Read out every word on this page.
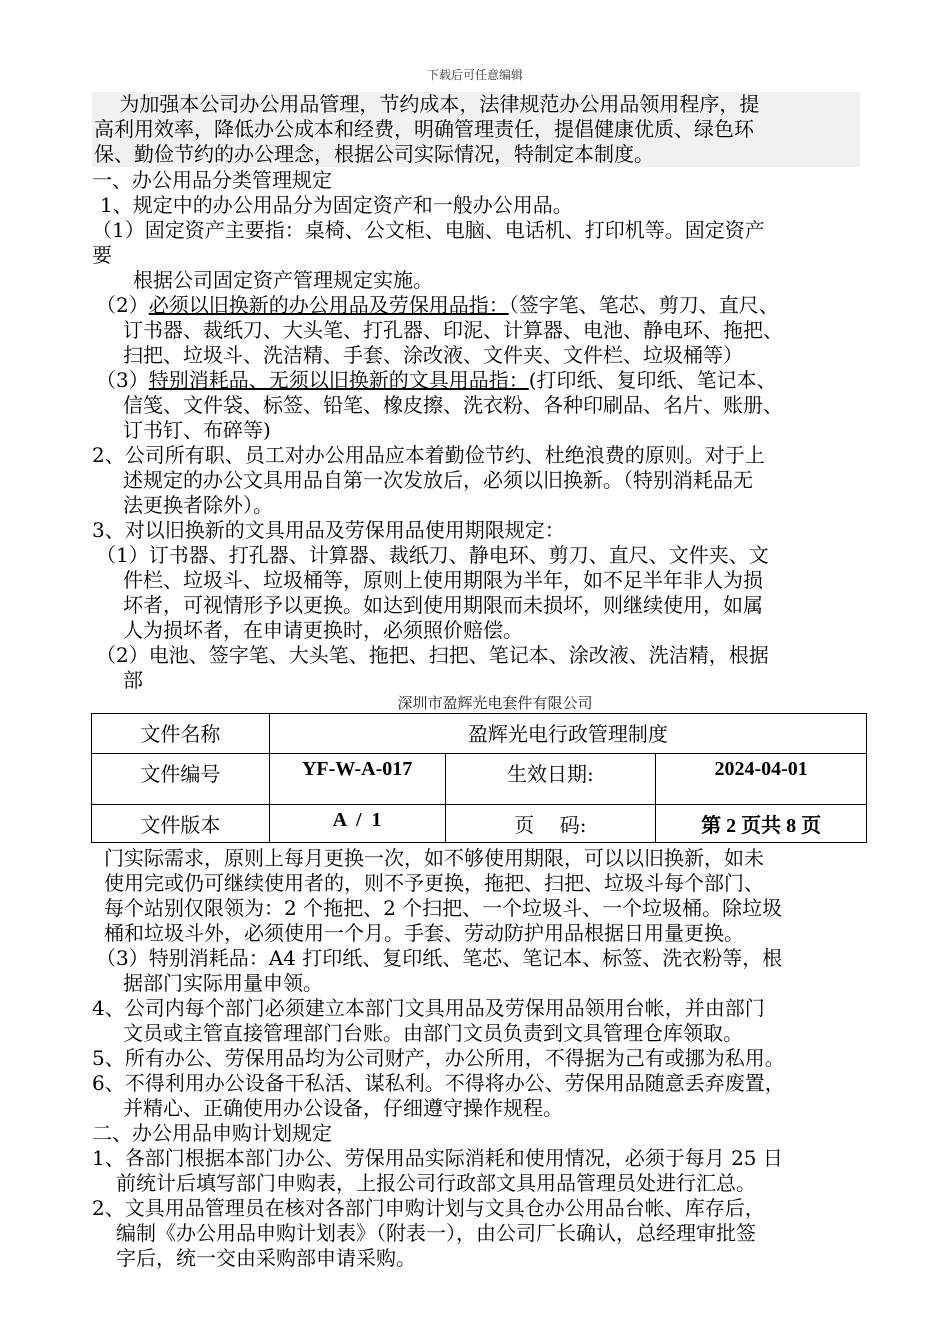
下载后可任意编辑
为加强本公司办公用品管理，节约成本，法律规范办公用品领用程序，提
高利用效率，降低办公成本和经费，明确管理责任，提倡健康优质、绿色环
保、勤俭节约的办公理念，根据公司实际情况，特制定本制度。
一、办公用品分类管理规定
1、规定中的办公用品分为固定资产和一般办公用品。
（1）固定资产主要指：桌椅、公文柜、电脑、电话机、打印机等。固定资产
要
根据公司固定资产管理规定实施。
（2）必须以旧换新的办公用品及劳保用品指：（签字笔、笔芯、剪刀、直尺、
订书器、裁纸刀、大头笔、打孔器、印泥、计算器、电池、静电环、拖把、
扫把、垃圾斗、洗洁精、手套、涂改液、文件夹、文件栏、垃圾桶等）
（3）特别消耗品、无须以旧换新的文具用品指：(打印纸、复印纸、笔记本、
信笺、文件袋、标签、铅笔、橡皮擦、洗衣粉、各种印刷品、名片、账册、
订书钉、布碎等)
2、公司所有职、员工对办公用品应本着勤俭节约、杜绝浪费的原则。对于上
述规定的办公文具用品自第一次发放后，必须以旧换新。（特别消耗品无
法更换者除外）。
3、对以旧换新的文具用品及劳保用品使用期限规定：
（1）订书器、打孔器、计算器、裁纸刀、静电环、剪刀、直尺、文件夹、文
件栏、垃圾斗、垃圾桶等，原则上使用期限为半年，如不足半年非人为损
坏者，可视情形予以更换。如达到使用期限而未损坏，则继续使用，如属
人为损坏者，在申请更换时，必须照价赔偿。
（2）电池、签字笔、大头笔、拖把、扫把、笔记本、涂改液、洗洁精，根据
部
深圳市盈辉光电套件有限公司
文件名称	盈辉光电行政管理制度		
文件编号	YF-W-A-017	生效日期:	2024-04-01
文件版本	A  /  1	页    码:	第 2 页共 8 页
门实际需求，原则上每月更换一次，如不够使用期限，可以以旧换新，如未
使用完或仍可继续使用者的，则不予更换，拖把、扫把、垃圾斗每个部门、
每个站别仅限领为：2 个拖把、2 个扫把、一个垃圾斗、一个垃圾桶。除垃圾
桶和垃圾斗外，必须使用一个月。手套、劳动防护用品根据日用量更换。
（3）特别消耗品：A4 打印纸、复印纸、笔芯、笔记本、标签、洗衣粉等，根
据部门实际用量申领。
4、公司内每个部门必须建立本部门文具用品及劳保用品领用台帐，并由部门
文员或主管直接管理部门台账。由部门文员负责到文具管理仓库领取。
5、所有办公、劳保用品均为公司财产，办公所用，不得据为己有或挪为私用。
6、不得利用办公设备干私活、谋私利。不得将办公、劳保用品随意丢弃废置，
并精心、正确使用办公设备，仔细遵守操作规程。
二、办公用品申购计划规定
1、各部门根据本部门办公、劳保用品实际消耗和使用情况，必须于每月 25 日
前统计后填写部门申购表，上报公司行政部文具用品管理员处进行汇总。
2、文具用品管理员在核对各部门申购计划与文具仓办公用品台帐、库存后，
编制《办公用品申购计划表》（附表一），由公司厂长确认，总经理审批签
字后，统一交由采购部申请采购。
